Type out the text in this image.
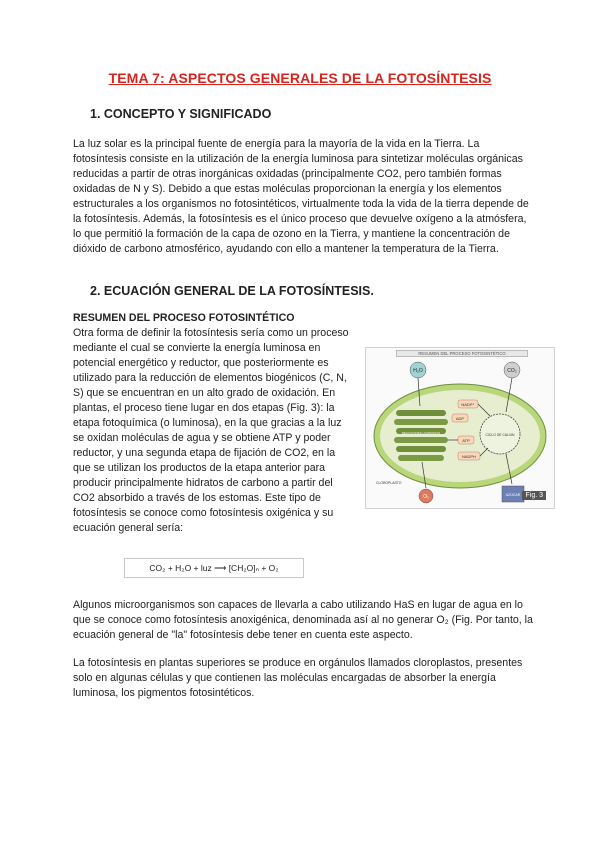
TEMA 7: ASPECTOS GENERALES DE LA FOTOSÍNTESIS
1. CONCEPTO Y SIGNIFICADO

La luz solar es la principal fuente de energía para la mayoría de la vida en la Tierra. La fotosíntesis consiste en la utilización de la energía luminosa para sintetizar moléculas orgánicas reducidas a partir de otras inorgánicas oxidadas (principalmente CO2, pero también formas oxidadas de N y S). Debido a que estas moléculas proporcionan la energía y los elementos estructurales a los organismos no fotosintéticos, virtualmente toda la vida de la tierra depende de la fotosíntesis. Además, la fotosíntesis es el único proceso que devuelve oxígeno a la atmósfera, lo que permitió la formación de la capa de ozono en la Tierra, y mantiene la concentración de dióxido de carbono atmosférico, ayudando con ello a mantener la temperatura de la Tierra.

2. ECUACIÓN GENERAL DE LA FOTOSÍNTESIS.
RESUMEN DEL PROCESO FOTOSINTÉTICO
Otra forma de definir la fotosíntesis sería como un proceso mediante el cual se convierte la energía luminosa en potencial energético y reductor, que posteriormente es utilizado para la reducción de elementos biogénicos (C, N, S) que se encuentran en un alto grado de oxidación. En plantas, el proceso tiene lugar en dos etapas (Fig. 3): la etapa fotoquímica (o luminosa), en la que gracias a la luz se oxidan moléculas de agua y se obtiene ATP y poder reductor, y una segunda etapa de fijación de CO2, en la que se utilizan los productos de la etapa anterior para producir principalmente hidratos de carbono a partir del CO2 absorbido a través de los estomas. Este tipo de fotosíntesis se conoce como fotosíntesis oxigénica y su ecuación general sería:
H₂O	CO₂
O₂	AZÚCAR
NADP⁺
ADP
ATP
NADPH
CICLO DE CALVIN
REACCIONES LUMINOSAS
CLOROPLASTO
RESUMEN DEL PROCESO FOTOSINTÉTICO
Fig. 3
CO₂ + H₂O + luz ⟶ [CH₂O]ₙ + O₂

Algunos microorganismos son capaces de llevarla a cabo utilizando HaS en lugar de agua en lo que se conoce como fotosíntesis anoxigénica, denominada así al no generar O₂ (Fig. Por tanto, la ecuación general de "la" fotosíntesis debe tener en cuenta este aspecto.

La fotosíntesis en plantas superiores se produce en orgánulos llamados cloroplastos, presentes solo en algunas células y que contienen las moléculas encargadas de absorber la energía luminosa, los pigmentos fotosintéticos.
